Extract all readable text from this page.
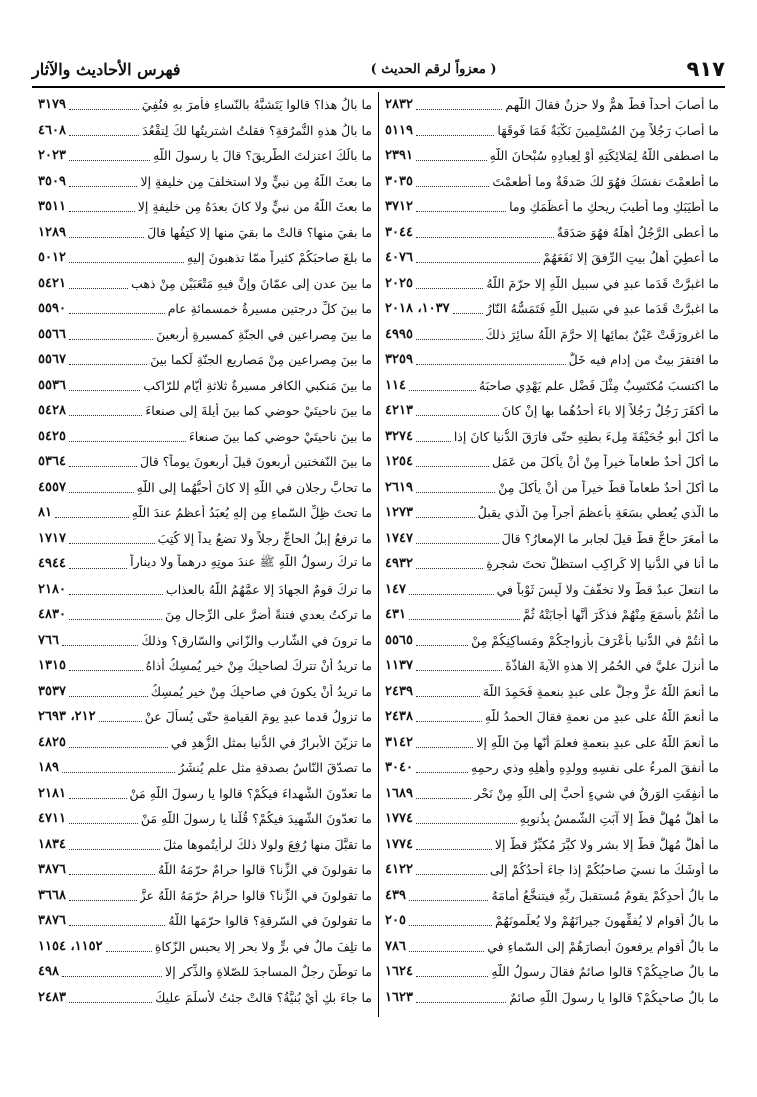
٩١٧
( معزواً لرقم الحديث )
فهرس الأحاديث والآثار
ما أصابَ أحداً قطّ همٌّ ولا حزنٌ فقالَ اللّهم
٢٨٣٢
ما أصابَ رَجُلاً مِنَ المُسْلِمينَ نَكْبَةٌ فَمَا فَوقَهَا
٥١١٩
ما اصطفى اللّهُ لِمَلائِكَتِهِ أوْ لِعِبادِهِ سُبْحانَ اللّهِ
٢٣٩١
ما أطعمْتَ نفسَكَ فهُوَ لكَ صَدقَةٌ وما أطعمْتَ
٣٠٣٥
ما أطيَبَكِ وما أطيبَ ريحكِ ما أعظَمَكِ وما
٣٧١٢
ما أعطى الرَّجُلُ أهلَهُ فهُوَ صَدَقةٌ
٣٠٤٤
ما أُعطِيَ أهلُ بيتٍ الرِّفقَ إلا نَفَعَهُمْ
٤٠٧٦
ما اغبرَّتْ قَدَما عبدٍ في سبيلِ اللّهِ إلا حرّمَ اللّهُ
٢٠٢٥
ما اغبرَّتْ قَدَما عبدٍ في سَبيلِ اللّهِ فَتَمَسُّهُ النّارُ
١٠٣٧، ٢٠١٨
ما اغرورَقَتْ عَيْنٌ بمائِها إلا حرَّمَ اللّهُ سائِرَ ذلكَ
٤٩٩٥
ما افتقرَ بيتٌ من إدامٍ فيه خَلٌّ
٣٢٥٩
ما اكتسبَ مُكتَسِبٌ مِثْلَ فَضْلِ علمٍ يَهْدِي صاحبَهُ
١١٤
ما أكفَرَ رَجُلٌ رَجُلاً إلا باءَ أحدُهُما بها إنْ كانَ
٤٢١٣
ما أكلَ أبو جُحَيْفَةَ مِلءَ بطنِهِ حتّى فارَقَ الدُّنيا كانَ إذا
٣٢٧٤
ما أكلَ أحدٌ طعاماً خيراً مِنْ أنْ يأكلَ من عَمَلِ
١٢٥٤
ما أكلَ أحدٌ طعاماً قطّ خيراً من أنْ يأكلَ مِنْ
٢٦١٩
ما الّذي يُعطي بسَعَةٍ بأعظمَ أجراً مِنَ الّذي يقبلُ
١٢٧٣
ما أمعَرَ حاجٌّ قطُّ قيلَ لجابرٍ ما الإمعارُ؟ قالَ
١٧٤٧
ما أنا في الدُّنيا إلا كَراكِبٍ استظلَّ تحتَ شجرةٍ
٤٩٣٢
ما انتعلَ عبدٌ قطّ ولا تخفّفَ ولا لَبِسَ ثَوْباً في
١٤٧
ما أنتُمْ بأسمَعَ مِنْهُمْ فذكَرَ أنَّها أجابَتْهُ ثُمَّ
٤٣١
ما أنتُمْ في الدُّنيا بأعْرَفَ بأزواجِكُمْ ومَساكِنِكُمْ مِنْ
٥٥٦٥
ما أنزلَ عليَّ في الحُمُرِ إلا هذهِ الآيةَ الفاذّةَ
١١٣٧
ما أنعمَ اللّهُ عزَّ وجلَّ على عبدٍ بنعمةٍ فَحَمِدَ اللّهَ
٢٤٣٩
ما أنعمَ اللّهُ على عبدٍ من نعمةٍ فقالَ الحمدُ للّهِ
٢٤٣٨
ما أنعمَ اللّهُ على عبدٍ بنعمةٍ فعلمَ أنّها مِنَ اللّهِ إلا
٣١٤٢
ما أنفقَ المرءُ على نفسِهِ وولدِهِ وأهلِهِ وذي رحمِهِ
٣٠٤٠
ما أُنفِقَتِ الوَرِقُ في شيءٍ أحبَّ إلى اللّهِ مِنْ نَحْرٍ
١٦٨٩
ما أهلَّ مُهِلٌّ قطُّ إلا آبَتِ الشّمسُ بِذُنوبِهِ
١٧٧٤
ما أهلَّ مُهِلٌّ قطُّ إلا بشرٍ ولا كبَّرَ مُكبِّرٌ قطُّ إلا
١٧٧٤
ما أوشَكَ ما نسيَ صاحبُكُمْ إذا جاءَ أحدُكُمْ إلى
٤١٢٢
ما بالُ أحدِكُمْ يقومُ مُستقبلَ ربِّهِ فيتنخَّعُ أمامَهُ
٤٣٩
ما بالُ أقوامٍ لا يُفقِّهونَ جيرانَهُمْ ولا يُعلِّمونَهُمْ
٢٠٥
ما بالُ أقوامٍ يرفعونَ أبصارَهُمْ إلى السّماءِ في
٧٨٦
ما بالُ صاحِبِكُمْ؟ قالوا صائمٌ فقالَ رسولُ اللّهِ
١٦٢٤
ما بالُ صاحبِكُمْ؟ قالوا يا رسولَ اللّهِ صائمٌ
١٦٢٣
ما بالُ هذا؟ قالوا يَتَشبَّهُ بالنّساءِ فأمرَ بهِ فنُفِيَ
٣١٧٩
ما بالُ هذهِ النُّمرُقةِ؟ فقلتُ اشتريتُها لكَ لِتقْعُدَ
٤٦٠٨
ما بالُكَ اعتزلتَ الطّريقَ؟ قالَ يا رسولَ اللّهِ
٢٠٢٣
ما بعثَ اللّهُ مِن نبيٍّ ولا استخلفَ مِن خليفةٍ إلا
٣٥٠٩
ما بعثَ اللّهُ من نبيٍّ ولا كانَ بعدَهُ مِن خليفةٍ إلا
٣٥١١
ما بقيَ منها؟ قالتْ ما بقيَ منها إلا كتِفُها قالَ
١٢٨٩
ما بلغَ صاحبَكُمْ كثيراً ممّا تذهبونَ إليهِ
٥٠١٢
ما بينَ عدنٍ إلى عمّانَ وإنَّ فيهِ مَتْعَبَيْنِ مِنْ ذهبٍ
٥٤٢١
ما بينَ كلِّ درجتينِ مسيرةُ خمسمائةِ عامٍ
٥٥٩٠
ما بينَ مِصراعينِ في الجنّةِ كمسيرةِ أربعينَ
٥٥٦٦
ما بينَ مِصراعينِ مِنْ مَصاريعِ الجنّةِ لَكما بينَ
٥٥٦٧
ما بينَ مَنكبي الكافرِ مسيرةُ ثلاثةِ أيّامٍ للرّاكبِ
٥٥٣٦
ما بينَ ناحيتَيْ حوضي كما بينَ أيلةَ إلى صنعاءَ
٥٤٢٨
ما بينَ ناحيتَيْ حوضي كما بينَ صنعاءَ
٥٤٢٥
ما بينَ النّفختينِ أربعونَ قيلَ أربعونَ يوماً؟ قالَ
٥٣٦٤
ما تحابَّ رجلانِ في اللّهِ إلا كانَ أحبُّهُما إلى اللّهِ
٤٥٥٧
ما تحتَ ظِلِّ السّماءِ مِن إلهٍ يُعبَدُ أعظمُ عندَ اللّهِ
٨١
ما ترفعُ إبلُ الحاجِّ رجلاً ولا تضعُ يداً إلا كُتِبَ
١٧١٧
ما تركَ رسولُ اللّهِ ﷺ عندَ موتِهِ درهماً ولا ديناراً
٤٩٤٤
ما تركَ قومٌ الجهادَ إلا عمَّهُمُ اللّهُ بالعذابِ
٢١٨٠
ما تركتُ بعدي فتنةً أضرَّ على الرِّجالِ مِنَ
٤٨٣٠
ما ترونَ في الشّاربِ والزّاني والسّارقِ؟ وذلكَ
٧٦٦
ما تريدُ أنْ تتركَ لصاحبِكَ مِنْ خيرٍ يُمسِكُ أذاهُ
١٣١٥
ما تريدُ أنْ يكونَ في صاحبِكَ مِنْ خيرٍ يُمسِكُ
٣٥٣٧
ما تزولُ قدما عبدٍ يومَ القيامةِ حتّى يُسألَ عنْ
٢١٢، ٢٦٩٣
ما تزيّنَ الأبرارُ في الدُّنيا بمثلِ الزُّهدِ في
٤٨٢٥
ما تصدّقَ النّاسُ بصدقةٍ مثلِ علمٍ يُنشَرُ
١٨٩
ما تعدّونَ الشُّهداءَ فيكُمْ؟ قالوا يا رسولَ اللّهِ مَنْ
٢١٨١
ما تعدّونَ الشّهيدَ فيكُمْ؟ قُلْنا يا رسولَ اللّهِ مَنْ
٤٧١١
ما تقبَّلَ منها رُفِعَ ولولا ذلكَ لرأيتُموها مثلَ
١٨٣٤
ما تقولونَ في الزِّنا؟ قالوا حرامٌ حرّمَهُ اللّهُ
٣٨٧٦
ما تقولونَ في الزِّنا؟ قالوا حرامٌ حرّمَهُ اللّهُ عزَّ
٣٦٦٨
ما تقولونَ في السّرقةِ؟ قالوا حرّمَها اللّهُ
٣٨٧٦
ما تلِفَ مالٌ في برٍّ ولا بحرٍ إلا بحبسِ الزّكاةِ
١١٥٢، ١١٥٤
ما توطّنَ رجلٌ المساجدَ للصّلاةِ والذِّكرِ إلا
٤٩٨
ما جاءَ بكِ أيْ بُنيَّةُ؟ قالتْ جئتُ لأُسلِّمَ عليكَ
٢٤٨٣
